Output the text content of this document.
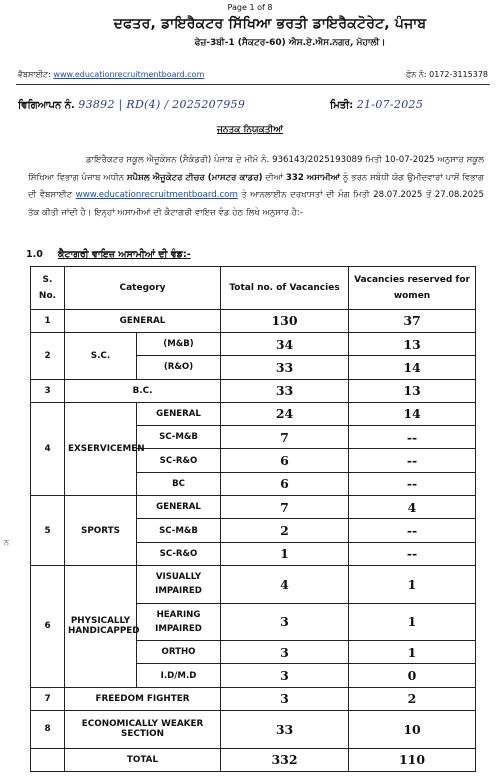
Page 1 of 8
ਦਫਤਰ, ਡਾਇਰੈਕਟਰ ਸਿੱਖਿਆ ਭਰਤੀ ਡਾਇਰੈਕਟੋਰੇਟ, ਪੰਜਾਬ
ਫੇਜ਼-3ਬੀ-1 (ਸੈਕਟਰ-60) ਐਸ.ਏ.ਐਸ.ਨਗਰ, ਮੋਹਾਲੀ।
ਵੈਬਸਾਈਟ: www.educationrecruitmentboard.com	ਫੋਨ ਨੰ: 0172-3115378
ਵਿਗਿਆਪਨ ਨੰ. 93892 | RD(4) / 2025207959	ਮਿਤੀ: 21-07-2025
ਜਨਤਕ ਨਿਯੁਕਤੀਆਂ
ਡਾਇਰੈਕਟਰ ਸਕੂਲ ਐਜੂਕੇਸ਼ਨ (ਸੈਕੰਡਰੀ) ਪੰਜਾਬ ਦੇ ਮੀਮੋ ਨੰ. 936143/2025193089 ਮਿਤੀ 10-07-2025 ਅਨੁਸਾਰ ਸਕੂਲ ਸਿੱਖਿਆ ਵਿਭਾਗ ਪੰਜਾਬ ਅਧੀਨ ਸਪੈਸ਼ਲ ਐਜੂਕੇਟਰ ਟੀਚਰ (ਮਾਸਟਰ ਕਾਡਰ) ਦੀਆਂ 332 ਅਸਾਮੀਆਂ ਨੂੰ ਭਰਨ ਸਬੰਧੀ ਯੋਗ ਉਮੀਦਵਾਰਾਂ ਪਾਸੋਂ ਵਿਭਾਗ ਦੀ ਵੈਬਸਾਈਟ www.educationrecruitmentboard.com ਤੇ ਆਨਲਾਈਨ ਦਰਖਾਸਤਾਂ ਦੀ ਮੰਗ ਮਿਤੀ 28.07.2025 ਤੋਂ 27.08.2025 ਤੱਕ ਕੀਤੀ ਜਾਂਦੀ ਹੈ। ਇਨ੍ਹਾਂ ਅਸਾਮੀਆਂ ਦੀ ਕੈਟਾਗਰੀ ਵਾਇਜ਼ ਵੰਡ ਹੇਠ ਲਿਖੇ ਅਨੁਸਾਰ ਹੈ:-
1.0 ਕੈਟਾਗਰੀ ਵਾਇਜ਼ ਅਸਾਮੀਆਂ ਦੀ ਵੰਡ:-
ਨ
S. No.	Category		Total no. of Vacancies	Vacancies reserved for women
1	GENERAL		130	37
2	S.C.	(M&B)	34	13
		(R&O)	33	14
3	B.C.		33	13
4	EXSERVICEMEN	GENERAL	24	14
		SC-M&B	7	--
		SC-R&O	6	--
		BC	6	--
5	SPORTS	GENERAL	7	4
		SC-M&B	2	--
		SC-R&O	1	--
6	PHYSICALLY HANDICAPPED	VISUALLY IMPAIRED	4	1
		HEARING IMPAIRED	3	1
		ORTHO	3	1
		I.D/M.D	3	0
7	FREEDOM FIGHTER		3	2
8	ECONOMICALLY WEAKER SECTION		33	10
	TOTAL		332	110
